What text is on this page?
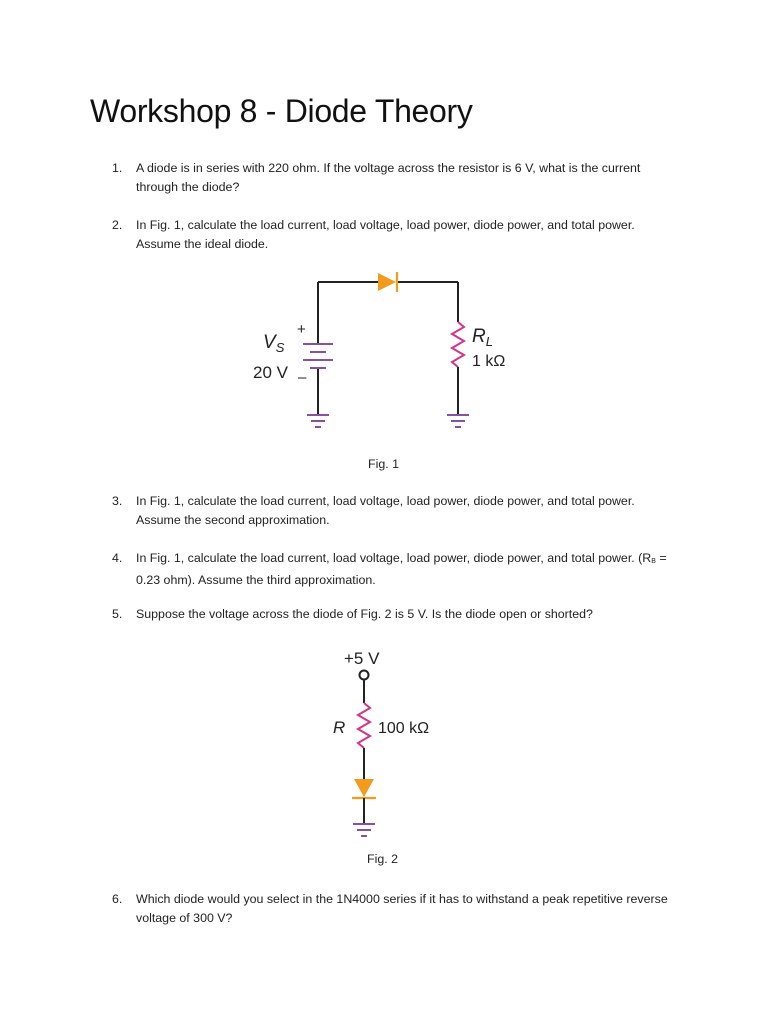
Workshop 8 - Diode Theory
1. A diode is in series with 220 ohm. If the voltage across the resistor is 6 V, what is the current through the diode?
2. In Fig. 1, calculate the load current, load voltage, load power, diode power, and total power. Assume the ideal diode.
+
–
$V_S$
20 V
$R_L$
1 kΩ
Fig. 1
3. In Fig. 1, calculate the load current, load voltage, load power, diode power, and total power. Assume the second approximation.
4. In Fig. 1, calculate the load current, load voltage, load power, diode power, and total power. ($R_B = 0.23$ ohm). Assume the third approximation.
5. Suppose the voltage across the diode of Fig. 2 is 5 V. Is the diode open or shorted?
+5 V
R 100 kΩ
Fig. 2
6. Which diode would you select in the 1N4000 series if it has to withstand a peak repetitive reverse voltage of 300 V?
